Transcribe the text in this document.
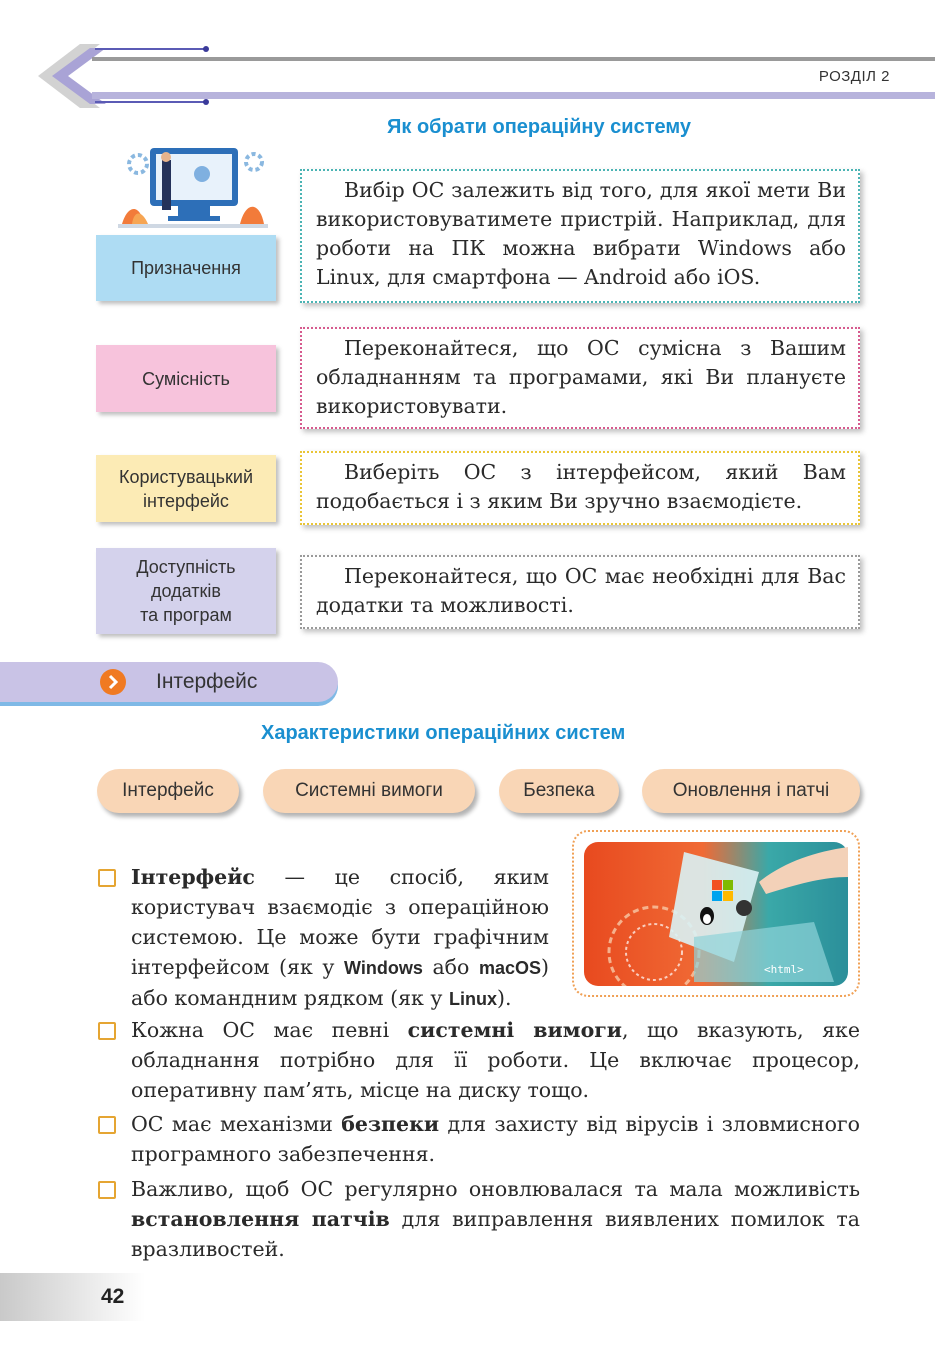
РОЗДІЛ 2
Як обрати операційну систему
Призначення

Вибір ОС залежить від того, для якої мети Ви використовуватимете пристрій. Наприклад, для роботи на ПК можна вибрати Windows або Linux, для смартфона — Android або iOS.

Сумісність

Переконайтеся, що ОС сумісна з Вашим обладнанням та програмами, які Ви плануєте використовувати.

Користувацький інтерфейс

Виберіть ОС з інтерфейсом, який Вам подобається і з яким Ви зручно взаємодієте.

Доступність
додатків
та програм

Переконайтеся, що ОС має необхідні для Вас додатки та можливості.

Інтерфейс
Характеристики операційних систем
Інтерфейс	Системні вимоги	Безпека	Оновлення і патчі
<html>
Інтерфейс — це спосіб, яким користувач взаємодіє з операційною системою. Це може бути графічним інтерфейсом (як у Windows або macOS) або командним рядком (як у Linux).
Кожна ОС має певні системні вимоги, що вказують, яке обладнання потрібно для її роботи. Це включає процесор, оперативну пам’ять, місце на диску тощо.
ОС має механізми безпеки для захисту від вірусів і зловмисного програмного забезпечення.
Важливо, щоб ОС регулярно оновлювалася та мала можливість встановлення патчів для виправлення виявлених помилок та вразливостей.
42
